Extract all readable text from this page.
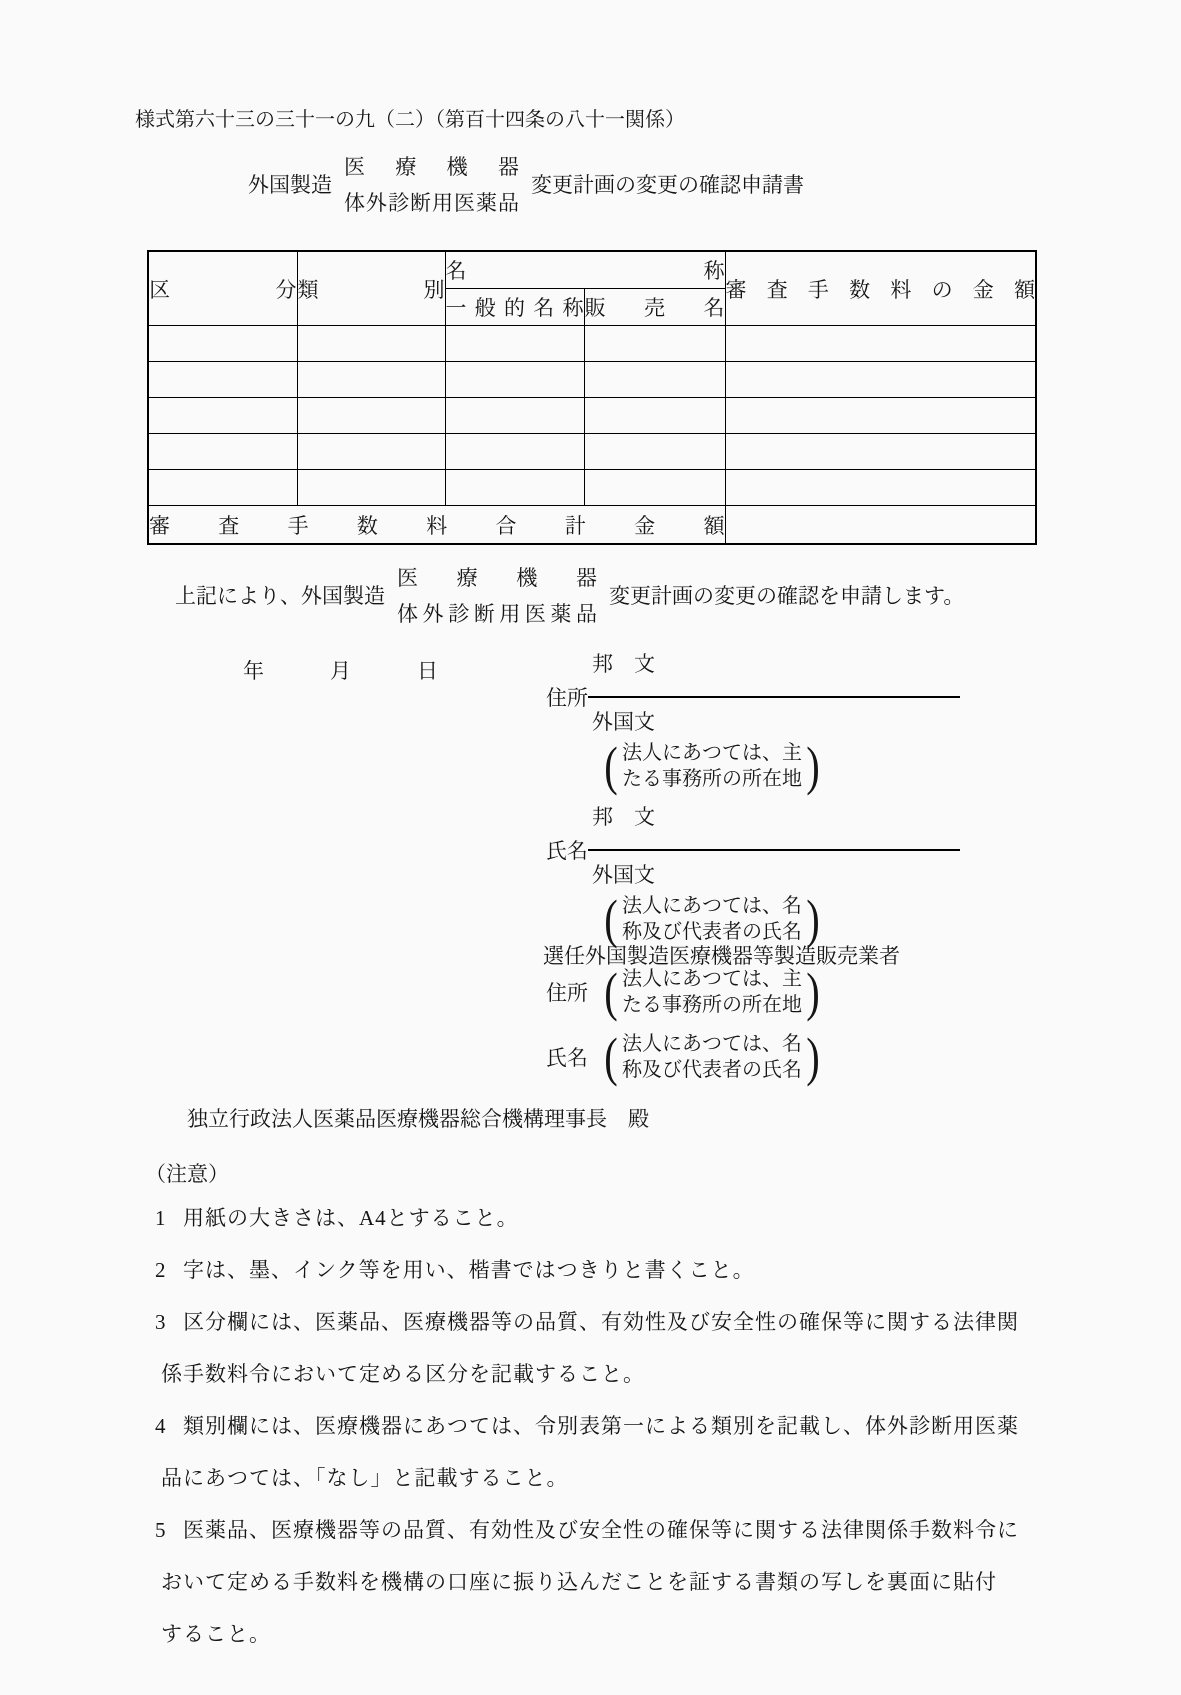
様式第六十三の三十一の九（二）（第百十四条の八十一関係）
外国製造
医　療　機　器
体外診断用医薬品
変更計画の変更の確認申請書
区　分	類　別	名　称		審 査 手 数 料 の 金 額
		一般的名称	販　売　名	

審 査 手 数 料 合 計 金 額				
上記により、外国製造
医　療　機　器
体外診断用医薬品
変更計画の変更の確認を申請します。
年	月	日
住所
邦　文
外国文
( 法人にあつては、主
たる事務所の所在地 )
氏名
邦　文
外国文
( 法人にあつては、名
称及び代表者の氏名 )
選任外国製造医療機器等製造販売業者
住所 ( 法人にあつては、主
たる事務所の所在地 )
氏名 ( 法人にあつては、名
称及び代表者の氏名 )
独立行政法人医薬品医療機器総合機構理事長　殿
（注意）
1 用紙の大きさは、A4とすること。
2 字は、墨、インク等を用い、楷書ではつきりと書くこと。
3 区分欄には、医薬品、医療機器等の品質、有効性及び安全性の確保等に関する法律関
係手数料令において定める区分を記載すること。
4 類別欄には、医療機器にあつては、令別表第一による類別を記載し、体外診断用医薬
品にあつては、「なし」と記載すること。
5 医薬品、医療機器等の品質、有効性及び安全性の確保等に関する法律関係手数料令に
おいて定める手数料を機構の口座に振り込んだことを証する書類の写しを裏面に貼付
すること。
